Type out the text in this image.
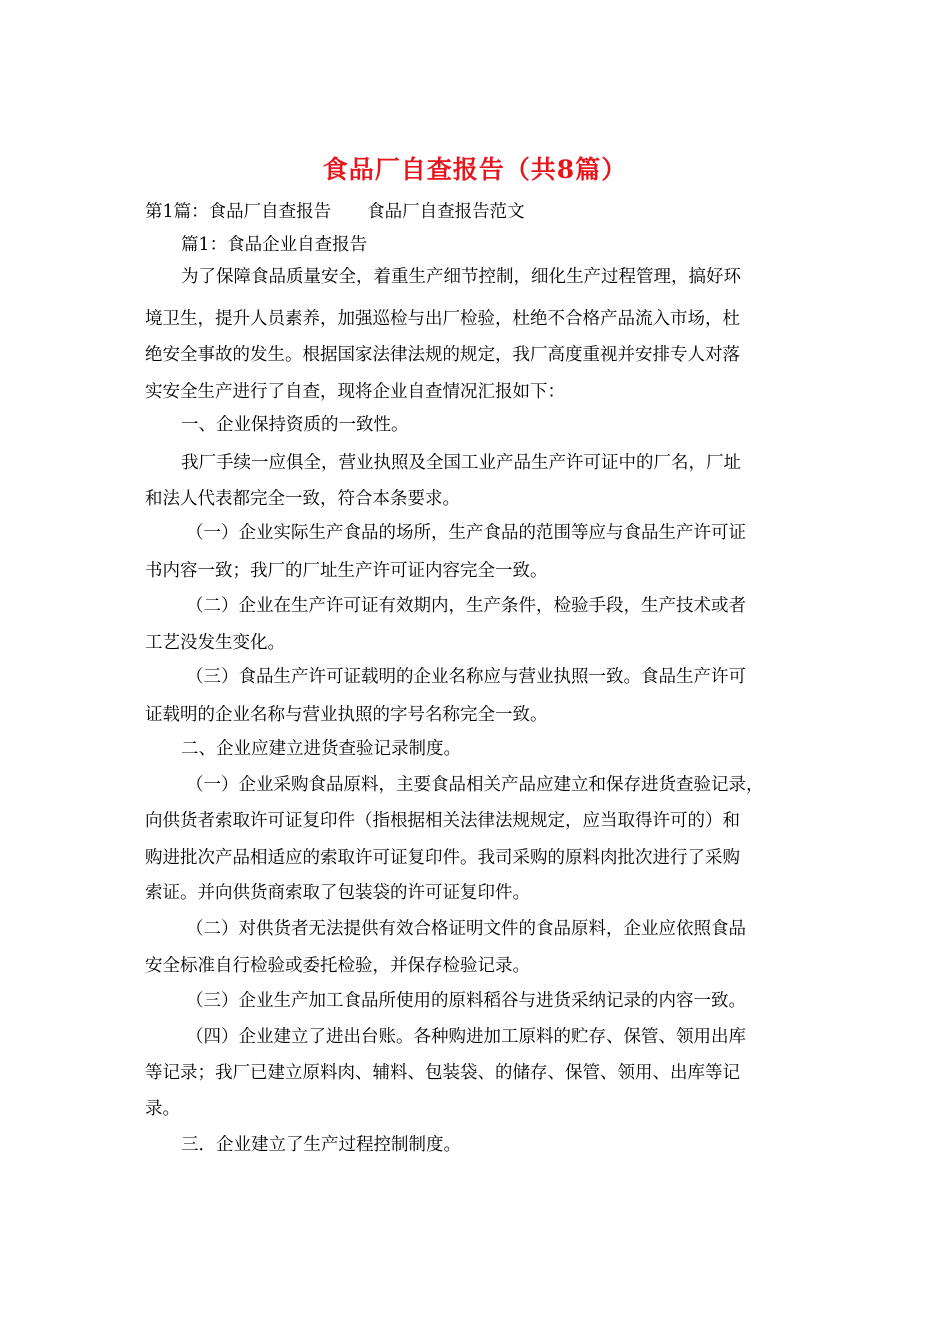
食品厂自查报告（共8篇）
第1篇：食品厂自查报告 食品厂自查报告范文
篇1：食品企业自查报告
为了保障食品质量安全，着重生产细节控制，细化生产过程管理，搞好环
境卫生，提升人员素养，加强巡检与出厂检验，杜绝不合格产品流入市场，杜
绝安全事故的发生。根据国家法律法规的规定，我厂高度重视并安排专人对落
实安全生产进行了自查，现将企业自查情况汇报如下：
一、企业保持资质的一致性。
我厂手续一应俱全，营业执照及全国工业产品生产许可证中的厂名，厂址
和法人代表都完全一致，符合本条要求。
（一）企业实际生产食品的场所，生产食品的范围等应与食品生产许可证
书内容一致；我厂的厂址生产许可证内容完全一致。
（二）企业在生产许可证有效期内，生产条件，检验手段，生产技术或者
工艺没发生变化。
（三）食品生产许可证载明的企业名称应与营业执照一致。食品生产许可
证载明的企业名称与营业执照的字号名称完全一致。
二、企业应建立进货查验记录制度。
（一）企业采购食品原料，主要食品相关产品应建立和保存进货查验记录，
向供货者索取许可证复印件（指根据相关法律法规规定，应当取得许可的）和
购进批次产品相适应的索取许可证复印件。我司采购的原料肉批次进行了采购
索证。并向供货商索取了包装袋的许可证复印件。
（二）对供货者无法提供有效合格证明文件的食品原料，企业应依照食品
安全标准自行检验或委托检验，并保存检验记录。
（三）企业生产加工食品所使用的原料稻谷与进货采纳记录的内容一致。
（四）企业建立了进出台账。各种购进加工原料的贮存、保管、领用出库
等记录；我厂已建立原料肉、辅料、包装袋、的储存、保管、领用、出库等记
录。
三．企业建立了生产过程控制制度。
